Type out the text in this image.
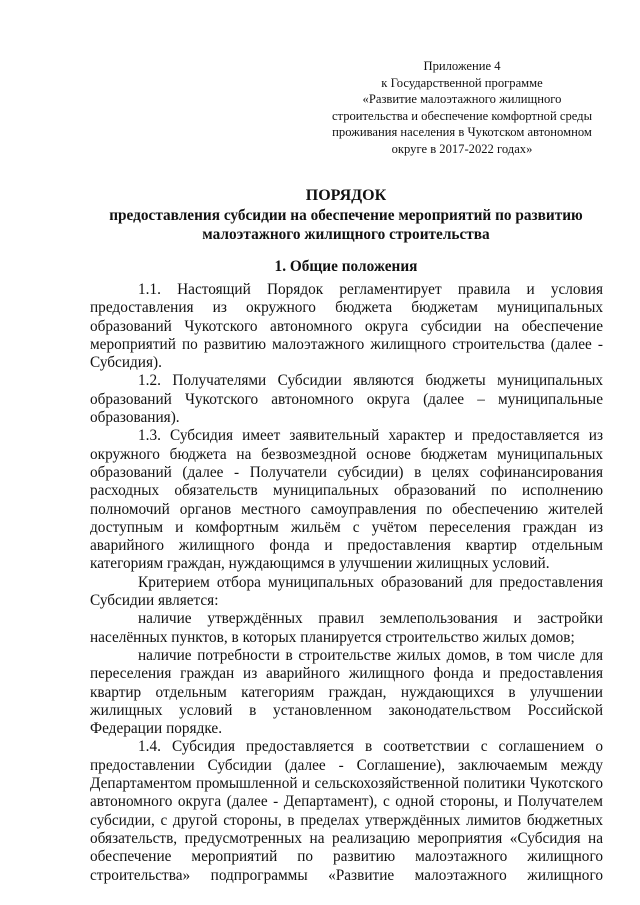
Приложение 4
к Государственной программе
«Развитие малоэтажного жилищного
строительства и обеспечение комфортной среды
проживания населения в Чукотском автономном
округе в 2017-2022 годах»
ПОРЯДОК
предоставления субсидии на обеспечение мероприятий по развитию
малоэтажного жилищного строительства
1. Общие положения

1.1. Настоящий Порядок регламентирует правила и условия предоставления из окружного бюджета бюджетам муниципальных образований Чукотского автономного округа субсидии на обеспечение мероприятий по развитию малоэтажного жилищного строительства (далее - Субсидия).

1.2. Получателями Субсидии являются бюджеты муниципальных образований Чукотского автономного округа (далее – муниципальные образования).

1.3. Субсидия имеет заявительный характер и предоставляется из окружного бюджета на безвозмездной основе бюджетам муниципальных образований (далее - Получатели субсидии) в целях софинансирования расходных обязательств муниципальных образований по исполнению полномочий органов местного самоуправления по обеспечению жителей доступным и комфортным жильём с учётом переселения граждан из аварийного жилищного фонда и предоставления квартир отдельным категориям граждан, нуждающимся в улучшении жилищных условий.

Критерием отбора муниципальных образований для предоставления Субсидии является:

наличие утверждённых правил землепользования и застройки населённых пунктов, в которых планируется строительство жилых домов;

наличие потребности в строительстве жилых домов, в том числе для переселения граждан из аварийного жилищного фонда и предоставления квартир отдельным категориям граждан, нуждающихся в улучшении жилищных условий в установленном законодательством Российской Федерации порядке.

1.4. Субсидия предоставляется в соответствии с соглашением о предоставлении Субсидии (далее - Соглашение), заключаемым между Департаментом промышленной и сельскохозяйственной политики Чукотского автономного округа (далее - Департамент), с одной стороны, и Получателем субсидии, с другой стороны, в пределах утверждённых лимитов бюджетных обязательств, предусмотренных на реализацию мероприятия «Субсидия на обеспечение мероприятий по развитию малоэтажного жилищного строительства» подпрограммы «Развитие малоэтажного жилищного
